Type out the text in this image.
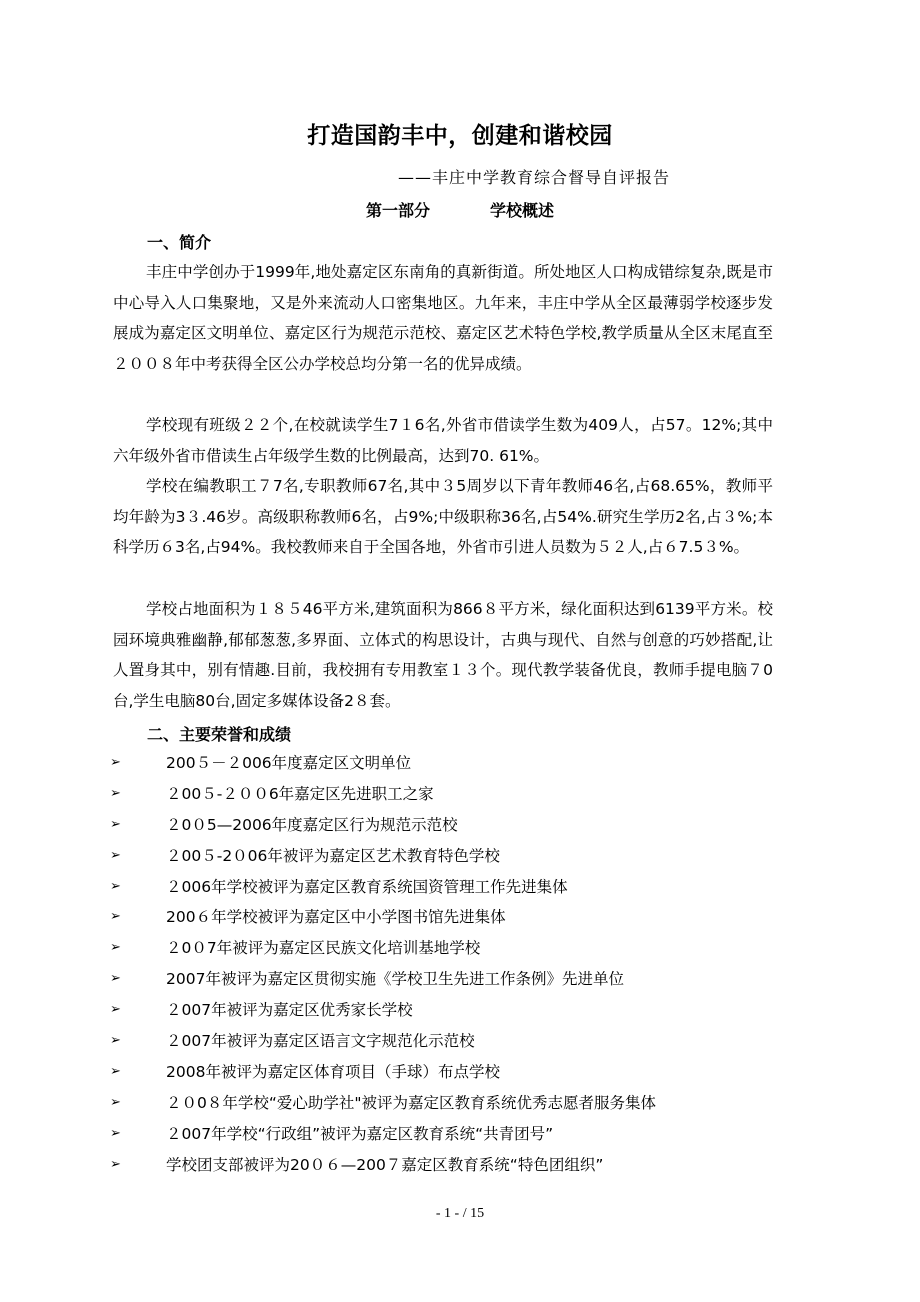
打造国韵丰中，创建和谐校园
——丰庄中学教育综合督导自评报告
第一部分	学校概述
一、简介
丰庄中学创办于1999年,地处嘉定区东南角的真新街道。所处地区人口构成错综复杂,既是市中心导入人口集聚地，又是外来流动人口密集地区。九年来，丰庄中学从全区最薄弱学校逐步发展成为嘉定区文明单位、嘉定区行为规范示范校、嘉定区艺术特色学校,教学质量从全区末尾直至２００８年中考获得全区公办学校总均分第一名的优异成绩。
学校现有班级２２个,在校就读学生7１6名,外省市借读学生数为409人，占57。12%;其中六年级外省市借读生占年级学生数的比例最高，达到70. 61%。
学校在编教职工７7名,专职教师67名,其中３5周岁以下青年教师46名,占68.65%，教师平均年龄为3３.46岁。高级职称教师6名，占9%;中级职称36名,占54%.研究生学历2名,占３%;本科学历６3名,占94%。我校教师来自于全国各地，外省市引进人员数为５２人,占６7.5３%。
学校占地面积为１８５46平方米,建筑面积为866８平方米，绿化面积达到6139平方米。校园环境典雅幽静,郁郁葱葱,多界面、立体式的构思设计，古典与现代、自然与创意的巧妙搭配,让人置身其中，别有情趣.目前，我校拥有专用教室１３个。现代教学装备优良，教师手提电脑７0台,学生电脑80台,固定多媒体设备2８套。
二、主要荣誉和成绩
➢	200５－２006年度嘉定区文明单位
➢	２00５-２００6年嘉定区先进职工之家
➢	２0０5—2006年度嘉定区行为规范示范校
➢	２00５-2０06年被评为嘉定区艺术教育特色学校
➢	２006年学校被评为嘉定区教育系统国资管理工作先进集体
➢	200６年学校被评为嘉定区中小学图书馆先进集体
➢	２0０7年被评为嘉定区民族文化培训基地学校
➢	2007年被评为嘉定区贯彻实施《学校卫生先进工作条例》先进单位
➢	２007年被评为嘉定区优秀家长学校
➢	２007年被评为嘉定区语言文字规范化示范校
➢	2008年被评为嘉定区体育项目（手球）布点学校
➢	２０0８年学校“爱心助学社"被评为嘉定区教育系统优秀志愿者服务集体
➢	２007年学校“行政组”被评为嘉定区教育系统“共青团号”
➢	学校团支部被评为20０６—200７嘉定区教育系统“特色团组织”
- 1 - / 15
